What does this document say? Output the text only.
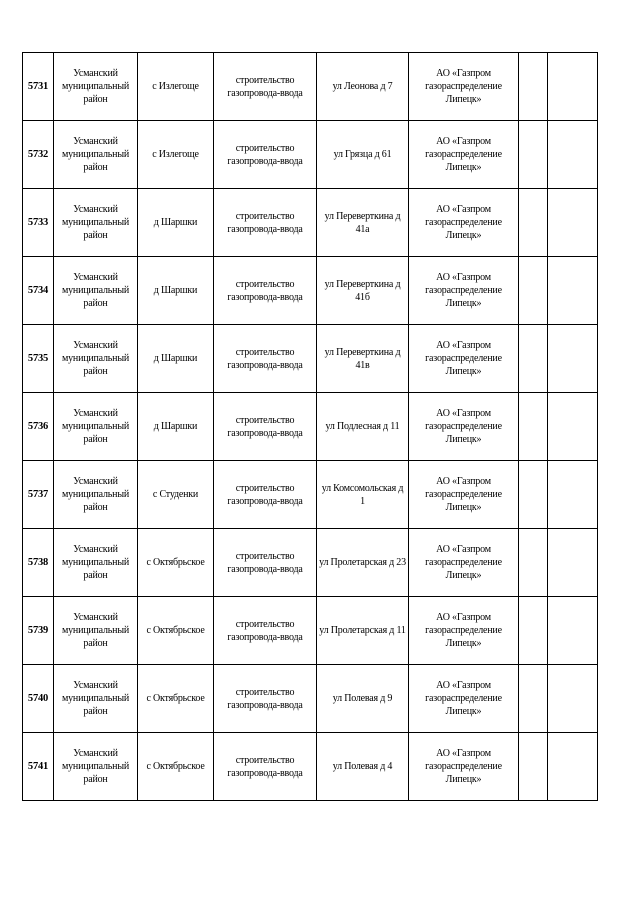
5731	Усманский муниципальный район	с Излегоще	строительство газопровода-ввода	ул Леонова д 7	АО «Газпром газораспределение Липецк»		
5732	Усманский муниципальный район	с Излегоще	строительство газопровода-ввода	ул Грязца д 61	АО «Газпром газораспределение Липецк»		
5733	Усманский муниципальный район	д Шаршки	строительство газопровода-ввода	ул Переверткина д 41а	АО «Газпром газораспределение Липецк»		
5734	Усманский муниципальный район	д Шаршки	строительство газопровода-ввода	ул Переверткина д 41б	АО «Газпром газораспределение Липецк»		
5735	Усманский муниципальный район	д Шаршки	строительство газопровода-ввода	ул Переверткина д 41в	АО «Газпром газораспределение Липецк»		
5736	Усманский муниципальный район	д Шаршки	строительство газопровода-ввода	ул Подлесная д 11	АО «Газпром газораспределение Липецк»		
5737	Усманский муниципальный район	с Студенки	строительство газопровода-ввода	ул Комсомольская д 1	АО «Газпром газораспределение Липецк»		
5738	Усманский муниципальный район	с Октябрьское	строительство газопровода-ввода	ул Пролетарская д 23	АО «Газпром газораспределение Липецк»		
5739	Усманский муниципальный район	с Октябрьское	строительство газопровода-ввода	ул Пролетарская д 11	АО «Газпром газораспределение Липецк»		
5740	Усманский муниципальный район	с Октябрьское	строительство газопровода-ввода	ул Полевая д 9	АО «Газпром газораспределение Липецк»		
5741	Усманский муниципальный район	с Октябрьское	строительство газопровода-ввода	ул Полевая д 4	АО «Газпром газораспределение Липецк»		
